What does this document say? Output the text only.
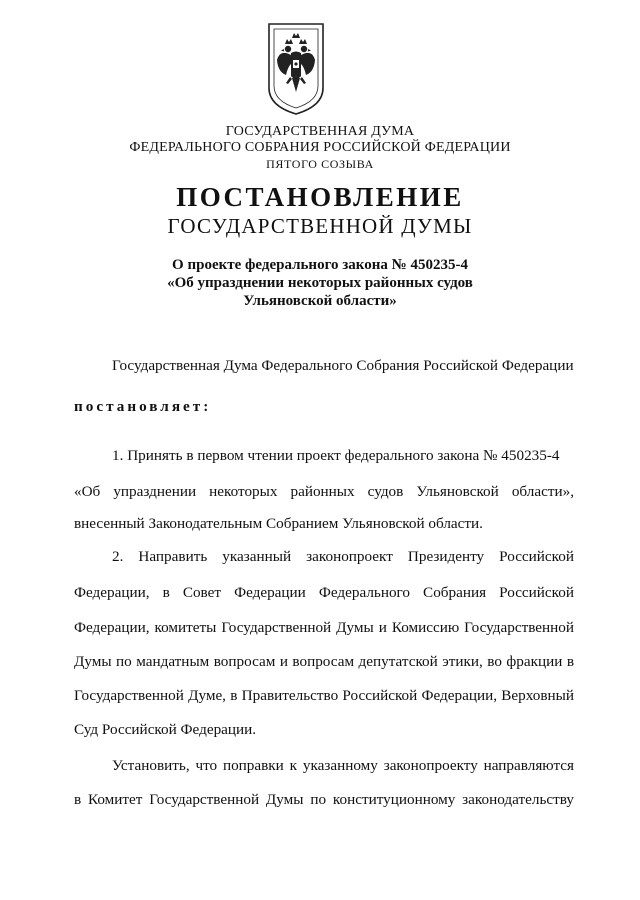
ГОСУДАРСТВЕННАЯ ДУМА
ФЕДЕРАЛЬНОГО СОБРАНИЯ РОССИЙСКОЙ ФЕДЕРАЦИИ
ПЯТОГО СОЗЫВА
ПОСТАНОВЛЕНИЕ
ГОСУДАРСТВЕННОЙ ДУМЫ
О проекте федерального закона № 450235-4
«Об упразднении некоторых районных судов
Ульяновской области»
Государственная Дума Федерального Собрания Российской Федерации
постановляет:
1. Принять в первом чтении проект федерального закона № 450235-4
«Об упразднении некоторых районных судов Ульяновской области»,
внесенный Законодательным Собранием Ульяновской области.
2. Направить указанный законопроект Президенту Российской
Федерации, в Совет Федерации Федерального Собрания Российской
Федерации, комитеты Государственной Думы и Комиссию Государственной
Думы по мандатным вопросам и вопросам депутатской этики, во фракции в
Государственной Думе, в Правительство Российской Федерации, Верховный
Суд Российской Федерации.
Установить, что поправки к указанному законопроекту направляются
в Комитет Государственной Думы по конституционному законодательству
